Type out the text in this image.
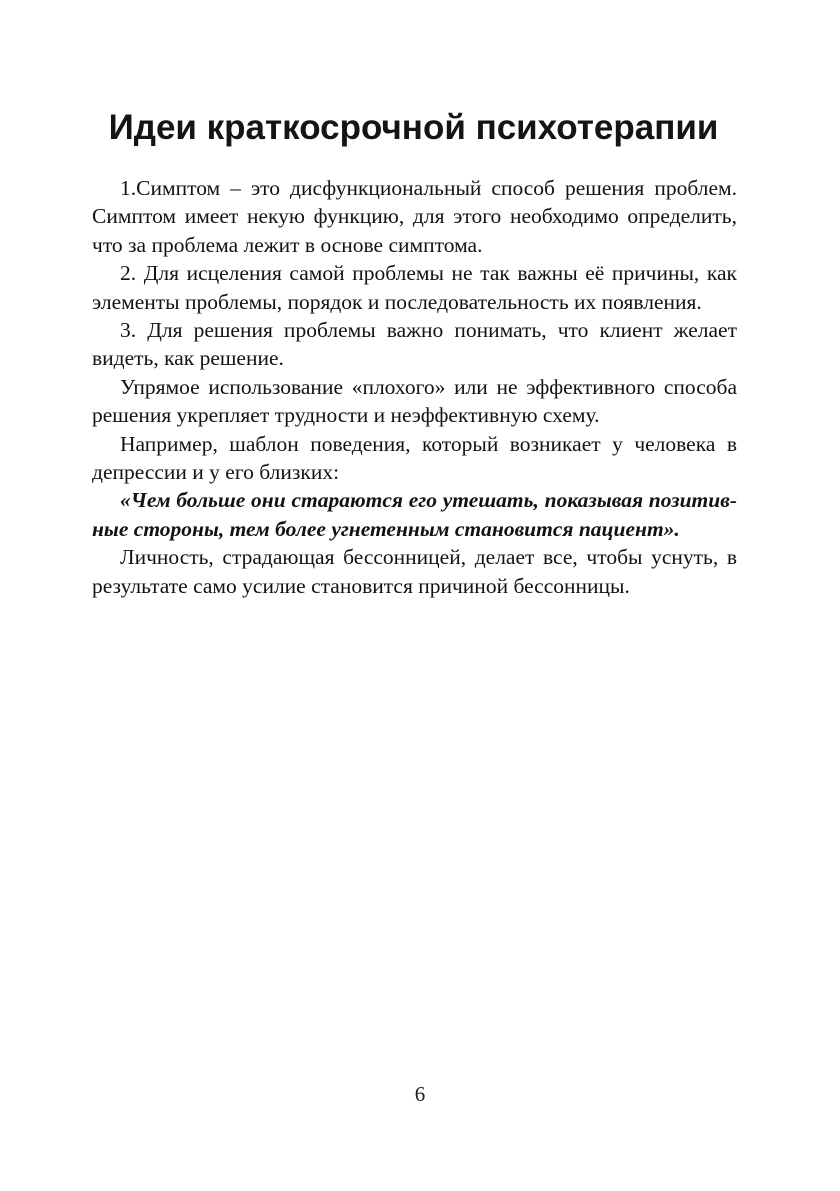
Идеи краткосрочной психотерапии

1.Симптом – это дисфункциональный способ решения проблем.
Симптом имеет некую функцию, для этого необходимо определить,
что за проблема лежит в основе симптома.

2. Для исцеления самой проблемы не так важны её причины, как
элементы проблемы, порядок и последовательность их появления.

3. Для решения проблемы важно понимать, что клиент желает
видеть, как решение.

Упрямое использование «плохого» или не эффективного способа
решения укрепляет трудности и неэффективную схему.

Например, шаблон поведения, который возникает у человека в
депрессии и у его близких:

«Чем больше они стараются его утешать, показывая позитив-
ные стороны, тем более угнетенным становится пациент».

Личность, страдающая бессонницей, делает все, чтобы уснуть, в
результате само усилие становится причиной бессонницы.

6
